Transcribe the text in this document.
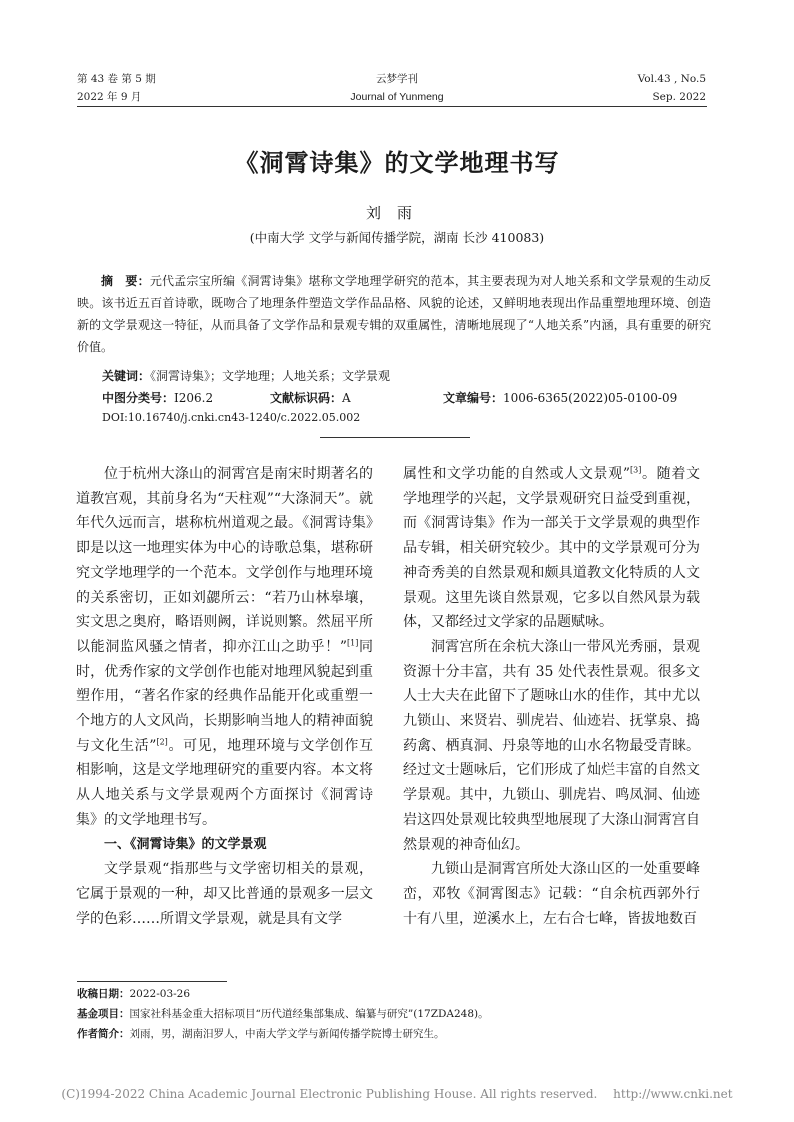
第 43 卷 第 5 期
2022 年 9 月
云梦学刊
Journal of Yunmeng
Vol.43 , No.5
Sep. 2022
《洞霄诗集》的文学地理书写
刘雨
(中南大学 文学与新闻传播学院，湖南 长沙 410083)
摘　要：元代孟宗宝所编《洞霄诗集》堪称文学地理学研究的范本，其主要表现为对人地关系和文学景观的生动反映。该书近五百首诗歌，既吻合了地理条件塑造文学作品品格、风貌的论述，又鲜明地表现出作品重塑地理环境、创造新的文学景观这一特征，从而具备了文学作品和景观专辑的双重属性，清晰地展现了“人地关系”内涵，具有重要的研究价值。
关键词：《洞霄诗集》；文学地理；人地关系；文学景观
中图分类号：I206.2	文献标识码：A	文章编号：1006-6365(2022)05-0100-09
DOI:10.16740/j.cnki.cn43-1240/c.2022.05.002

位于杭州大涤山的洞霄宫是南宋时期著名的道教宫观，其前身名为“天柱观”“大涤洞天”。就年代久远而言，堪称杭州道观之最。《洞霄诗集》即是以这一地理实体为中心的诗歌总集，堪称研究文学地理学的一个范本。文学创作与地理环境的关系密切，正如刘勰所云：“若乃山林皋壤，实文思之奥府，略语则阙，详说则繁。然屈平所以能洞监风骚之情者，抑亦江山之助乎！”[1]同时，优秀作家的文学创作也能对地理风貌起到重塑作用，“著名作家的经典作品能开化或重塑一个地方的人文风尚，长期影响当地人的精神面貌与文化生活”[2]。可见，地理环境与文学创作互相影响，这是文学地理研究的重要内容。本文将从人地关系与文学景观两个方面探讨《洞霄诗集》的文学地理书写。

一、《洞霄诗集》的文学景观

文学景观“指那些与文学密切相关的景观，它属于景观的一种，却又比普通的景观多一层文学的色彩……所谓文学景观，就是具有文学

属性和文学功能的自然或人文景观”[3]。随着文学地理学的兴起，文学景观研究日益受到重视，而《洞霄诗集》作为一部关于文学景观的典型作品专辑，相关研究较少。其中的文学景观可分为神奇秀美的自然景观和颇具道教文化特质的人文景观。这里先谈自然景观，它多以自然风景为载体，又都经过文学家的品题赋咏。

洞霄宫所在余杭大涤山一带风光秀丽，景观资源十分丰富，共有 35 处代表性景观。很多文人士大夫在此留下了题咏山水的佳作，其中尤以九锁山、来贤岩、驯虎岩、仙迹岩、抚掌泉、捣药禽、栖真洞、丹泉等地的山水名物最受青睐。经过文士题咏后，它们形成了灿烂丰富的自然文学景观。其中，九锁山、驯虎岩、鸣凤洞、仙迹岩这四处景观比较典型地展现了大涤山洞霄宫自然景观的神奇仙幻。

九锁山是洞霄宫所处大涤山区的一处重要峰峦，邓牧《洞霄图志》记载：“自余杭西郭外行十有八里，逆溪水上，左右合七峰，皆拔地数百

收稿日期：2022-03-26
基金项目：国家社科基金重大招标项目“历代道经集部集成、编纂与研究”(17ZDA248)。
作者简介：刘雨，男，湖南汨罗人，中南大学文学与新闻传播学院博士研究生。
(C)1994-2022 China Academic Journal Electronic Publishing House. All rights reserved.　 http://www.cnki.net
